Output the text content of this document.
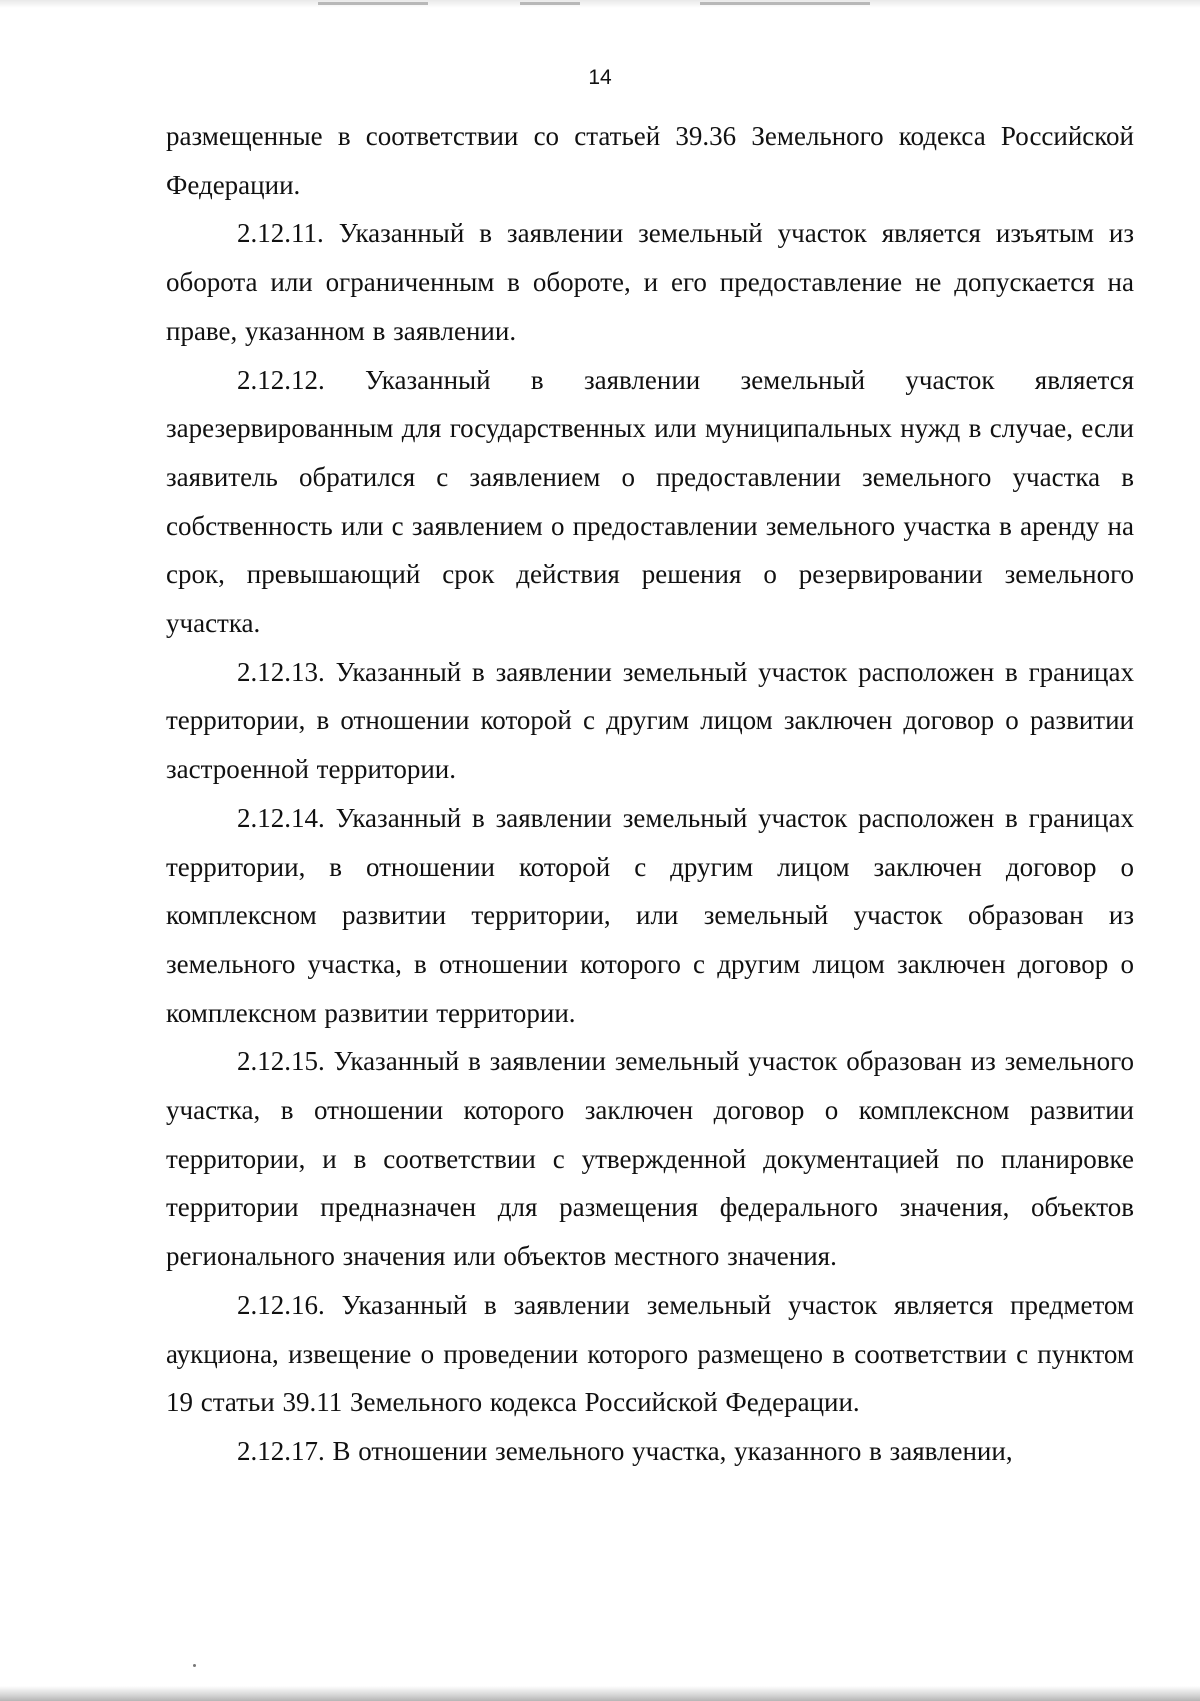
14

размещенные в соответствии со статьей 39.36 Земельного кодекса Российской Федерации.

2.12.11. Указанный в заявлении земельный участок является изъятым из оборота или ограниченным в обороте, и его предоставление не допускается на праве, указанном в заявлении.

2.12.12. Указанный в заявлении земельный участок является зарезервированным для государственных или муниципальных нужд в случае, если заявитель обратился с заявлением о предоставлении земельного участка в собственность или с заявлением о предоставлении земельного участка в аренду на срок, превышающий срок действия решения о резервировании земельного участка.

2.12.13. Указанный в заявлении земельный участок расположен в границах территории, в отношении которой с другим лицом заключен договор о развитии застроенной территории.

2.12.14. Указанный в заявлении земельный участок расположен в границах территории, в отношении которой с другим лицом заключен договор о комплексном развитии территории, или земельный участок образован из земельного участка, в отношении которого с другим лицом заключен договор о комплексном развитии территории.

2.12.15. Указанный в заявлении земельный участок образован из земельного участка, в отношении которого заключен договор о комплексном развитии территории, и в соответствии с утвержденной документацией по планировке территории предназначен для размещения федерального значения, объектов регионального значения или объектов местного значения.

2.12.16. Указанный в заявлении земельный участок является предметом аукциона, извещение о проведении которого размещено в соответствии с пунктом 19 статьи 39.11 Земельного кодекса Российской Федерации.

2.12.17. В отношении земельного участка, указанного в заявлении,
